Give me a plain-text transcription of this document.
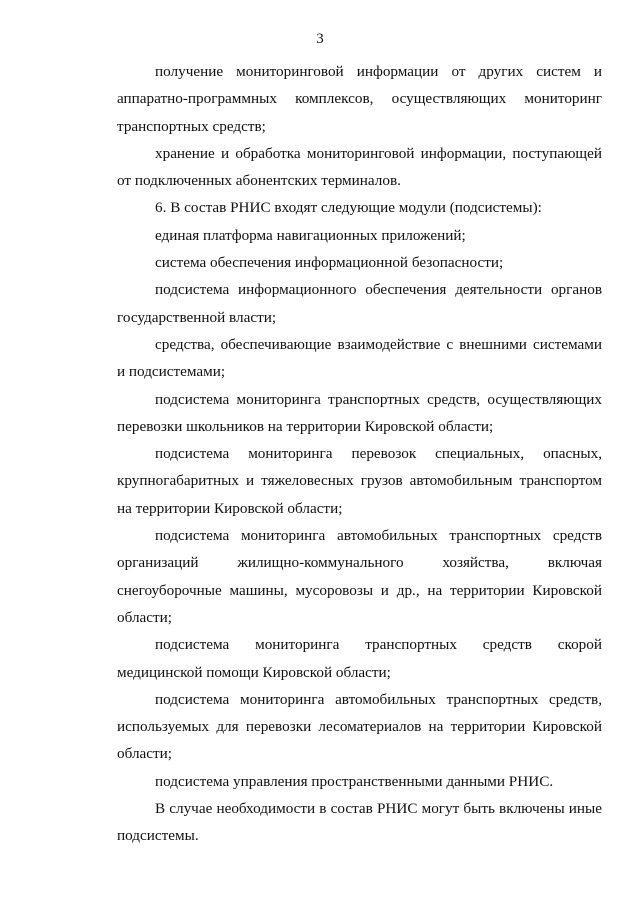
3

получение мониторинговой информации от других систем и аппаратно-программных комплексов, осуществляющих мониторинг транспортных средств;

хранение и обработка мониторинговой информации, поступающей от подключенных абонентских терминалов.

6. В состав РНИС входят следующие модули (подсистемы):

единая платформа навигационных приложений;

система обеспечения информационной безопасности;

подсистема информационного обеспечения деятельности органов государственной власти;

средства, обеспечивающие взаимодействие с внешними системами и подсистемами;

подсистема мониторинга транспортных средств, осуществляющих перевозки школьников на территории Кировской области;

подсистема мониторинга перевозок специальных, опасных, крупногабаритных и тяжеловесных грузов автомобильным транспортом на территории Кировской области;

подсистема мониторинга автомобильных транспортных средств организаций жилищно-коммунального хозяйства, включая снегоуборочные машины, мусоровозы и др., на территории Кировской области;

подсистема мониторинга транспортных средств скорой медицинской помощи Кировской области;

подсистема мониторинга автомобильных транспортных средств, используемых для перевозки лесоматериалов на территории Кировской области;

подсистема управления пространственными данными РНИС.

В случае необходимости в состав РНИС могут быть включены иные подсистемы.
